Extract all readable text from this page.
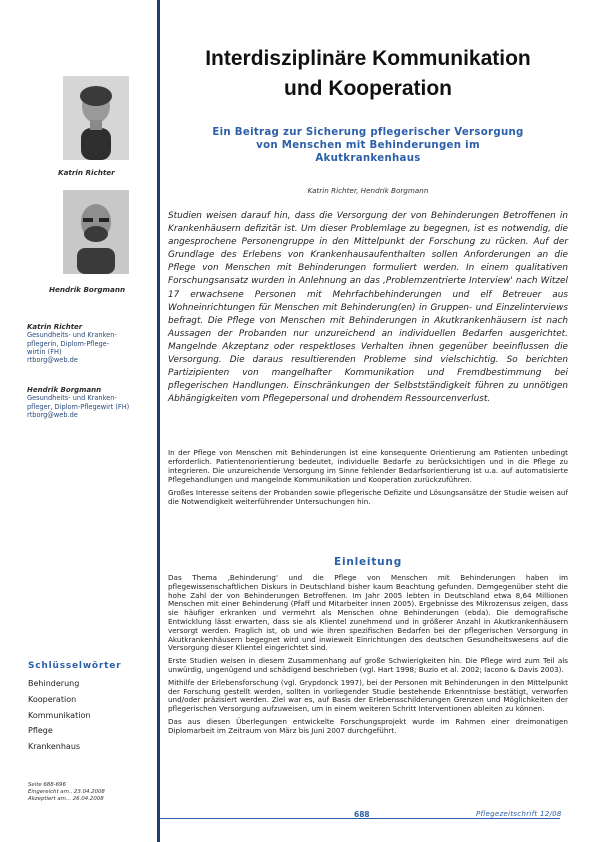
Katrin Richter
Hendrik Borgmann
Katrin Richter
Gesundheits- und Kranken-
pflegerin, Diplom-Pflege-
wirtin (FH)
rtborg@web.de
Hendrik Borgmann
Gesundheits- und Kranken-
pfleger, Diplom-Pflegewirt (FH)
rtborg@web.de
Schlüsselwörter
Behinderung
Kooperation
Kommunikation
Pflege
Krankenhaus
Seite 688-696
Eingereicht am.. 23.04.2008
Akzeptiert am... 26.04.2008
Interdisziplinäre Kommunikation
und Kooperation
Ein Beitrag zur Sicherung pflegerischer Versorgung
von Menschen mit Behinderungen im
Akutkrankenhaus
Katrin Richter, Hendrik Borgmann
Studien weisen darauf hin, dass die Versorgung der von Behinderungen Betroffenen in Krankenhäusern defizitär ist. Um dieser Problemlage zu begegnen, ist es notwendig, die angesprochene Personengruppe in den Mittelpunkt der Forschung zu rücken. Auf der Grundlage des Erlebens von Krankenhausaufenthalten sollen Anforderungen an die Pflege von Menschen mit Behinderungen formuliert werden. In einem qualitativen Forschungsansatz wurden in Anlehnung an das ‚Problemzentrierte Interview' nach Witzel 17 erwachsene Personen mit Mehrfachbehinderungen und elf Betreuer aus Wohneinrichtungen für Menschen mit Behinderung(en) in Gruppen- und Einzelinterviews befragt. Die Pflege von Menschen mit Behinderungen in Akutkrankenhäusern ist nach Aussagen der Probanden nur unzureichend an individuellen Bedarfen ausgerichtet. Mangelnde Akzeptanz oder respektloses Verhalten ihnen gegenüber beeinflussen die Versorgung. Die daraus resultierenden Probleme sind vielschichtig. So berichten Partizipienten von mangelhafter Kommunikation und Fremdbestimmung bei pflegerischen Handlungen. Einschränkungen der Selbstständigkeit führen zu unnötigen Abhängigkeiten vom Pflegepersonal und drohendem Ressourcenverlust.

In der Pflege von Menschen mit Behinderungen ist eine konsequente Orientierung am Patienten unbedingt erforderlich. Patientenorientierung bedeutet, individuelle Bedarfe zu berücksichtigen und in die Pflege zu integrieren. Die unzureichende Versorgung im Sinne fehlender Bedarfsorientierung ist u.a. auf automatisierte Pflegehandlungen und mangelnde Kommunikation und Kooperation zurückzuführen.

Großes Interesse seitens der Probanden sowie pflegerische Defizite und Lösungsansätze der Studie weisen auf die Notwendigkeit weiterführender Untersuchungen hin.

Einleitung

Das Thema ‚Behinderung' und die Pflege von Menschen mit Behinderungen haben im pflegewissenschaftlichen Diskurs in Deutschland bisher kaum Beachtung gefunden. Demgegenüber steht die hohe Zahl der von Behinderungen Betroffenen. Im Jahr 2005 lebten in Deutschland etwa 8,64 Millionen Menschen mit einer Behinderung (Pfaff und Mitarbeiter innen 2005). Ergebnisse des Mikrozensus zeigen, dass sie häufiger erkranken und vermehrt als Menschen ohne Behinderungen (ebda). Die demografische Entwicklung lässt erwarten, dass sie als Klientel zunehmend und in größerer Anzahl in Akutkrankenhäusern versorgt werden. Fraglich ist, ob und wie ihren spezifischen Bedarfen bei der pflegerischen Versorgung in Akutkrankenhäusern begegnet wird und inwieweit Einrichtungen des deutschen Gesundheitswesens auf die Versorgung dieser Klientel eingerichtet sind.

Erste Studien weisen in diesem Zusammenhang auf große Schwierigkeiten hin. Die Pflege wird zum Teil als unwürdig, ungenügend und schädigend beschrieben (vgl. Hart 1998; Buzio et al. 2002; Iacono & Davis 2003).

Mithilfe der Erlebensforschung (vgl. Grypdonck 1997), bei der Personen mit Behinderungen in den Mittelpunkt der Forschung gestellt werden, sollten in vorliegender Studie bestehende Erkenntnisse bestätigt, verworfen und/oder präzisiert werden. Ziel war es, auf Basis der Erlebensschilderungen Grenzen und Möglichkeiten der pflegerischen Versorgung aufzuweisen, um in einem weiteren Schritt Interventionen ableiten zu können.

Das aus diesen Überlegungen entwickelte Forschungsprojekt wurde im Rahmen einer dreimonatigen Diplomarbeit im Zeitraum von März bis Juni 2007 durchgeführt.

688	Pflegezeitschrift 12/08
